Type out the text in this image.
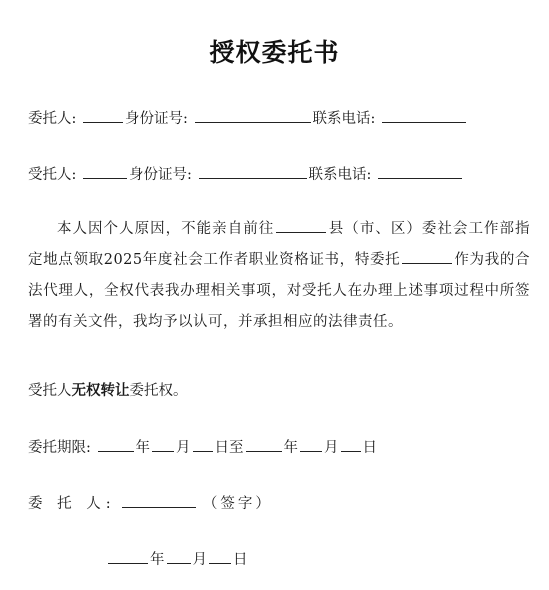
授权委托书
委托人:	身份证号:	联系电话:
受托人:	身份证号:	联系电话:
本人因个人原因，不能亲自前往	县（市、区）委社会工作部指定地点领取2025年度社会工作者职业资格证书，特委托	作为我的合法代理人，全权代表我办理相关事项，对受托人在办理上述事项过程中所签署的有关文件，我均予以认可，并承担相应的法律责任。
受托人无权转让委托权。
委托期限:	年 月 日至	年 月 日
委 托 人:	（签字）
年 月 日
